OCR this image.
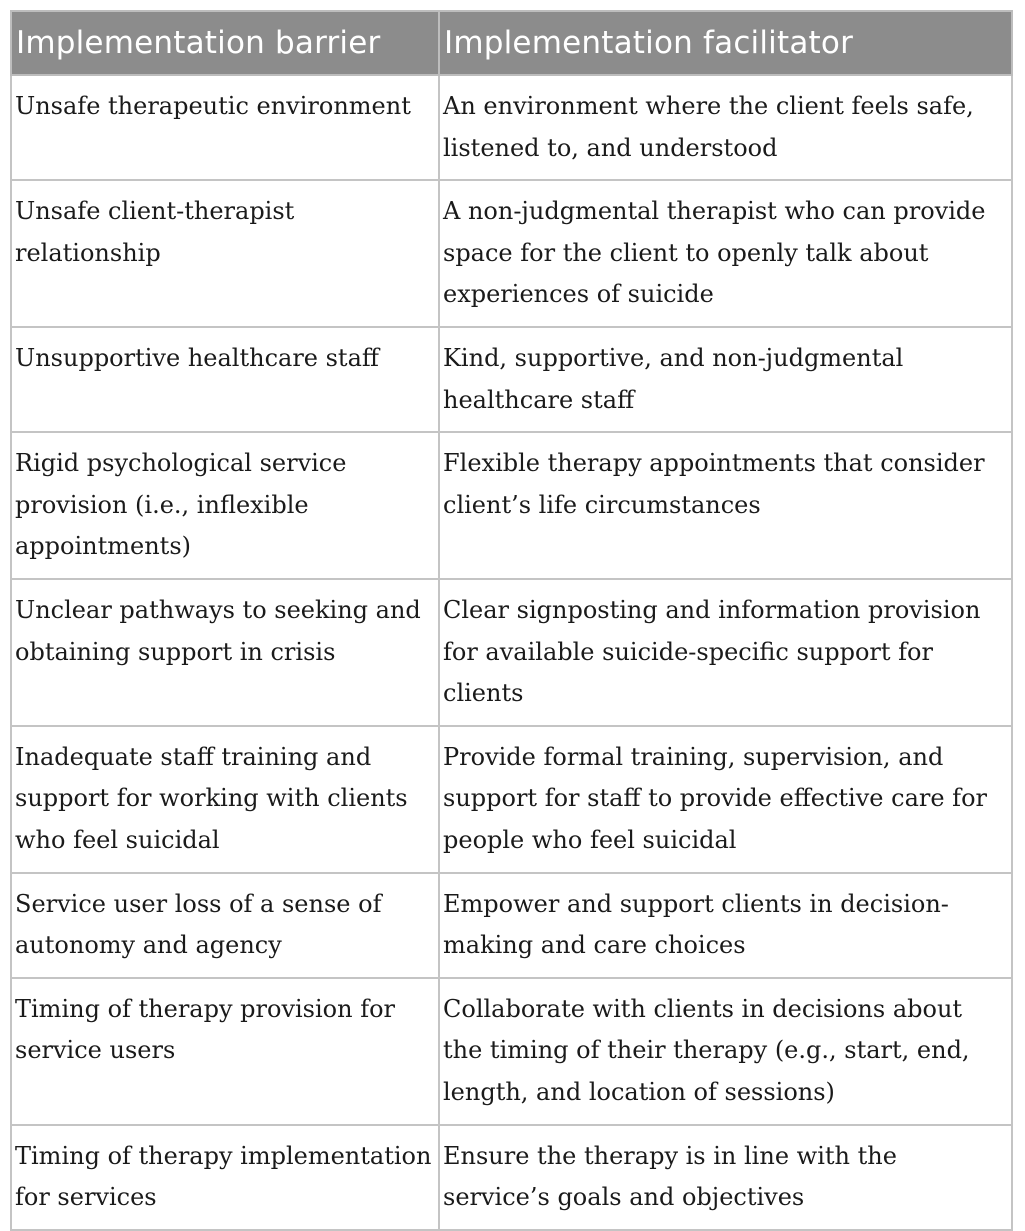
Implementation barrier	Implementation facilitator
Unsafe therapeutic environment	An environment where the client feels safe, listened to, and understood
Unsafe client-therapist relationship	A non-judgmental therapist who can provide space for the client to openly talk about experiences of suicide
Unsupportive healthcare staff	Kind, supportive, and non-judgmental healthcare staff
Rigid psychological service provision (i.e., inflexible appointments)	Flexible therapy appointments that consider client’s life circumstances
Unclear pathways to seeking and obtaining support in crisis	Clear signposting and information provision for available suicide-specific support for clients
Inadequate staff training and support for working with clients who feel suicidal	Provide formal training, supervision, and support for staff to provide effective care for people who feel suicidal
Service user loss of a sense of autonomy and agency	Empower and support clients in decision-making and care choices
Timing of therapy provision for service users	Collaborate with clients in decisions about the timing of their therapy (e.g., start, end, length, and location of sessions)
Timing of therapy implementation for services	Ensure the therapy is in line with the service’s goals and objectives
